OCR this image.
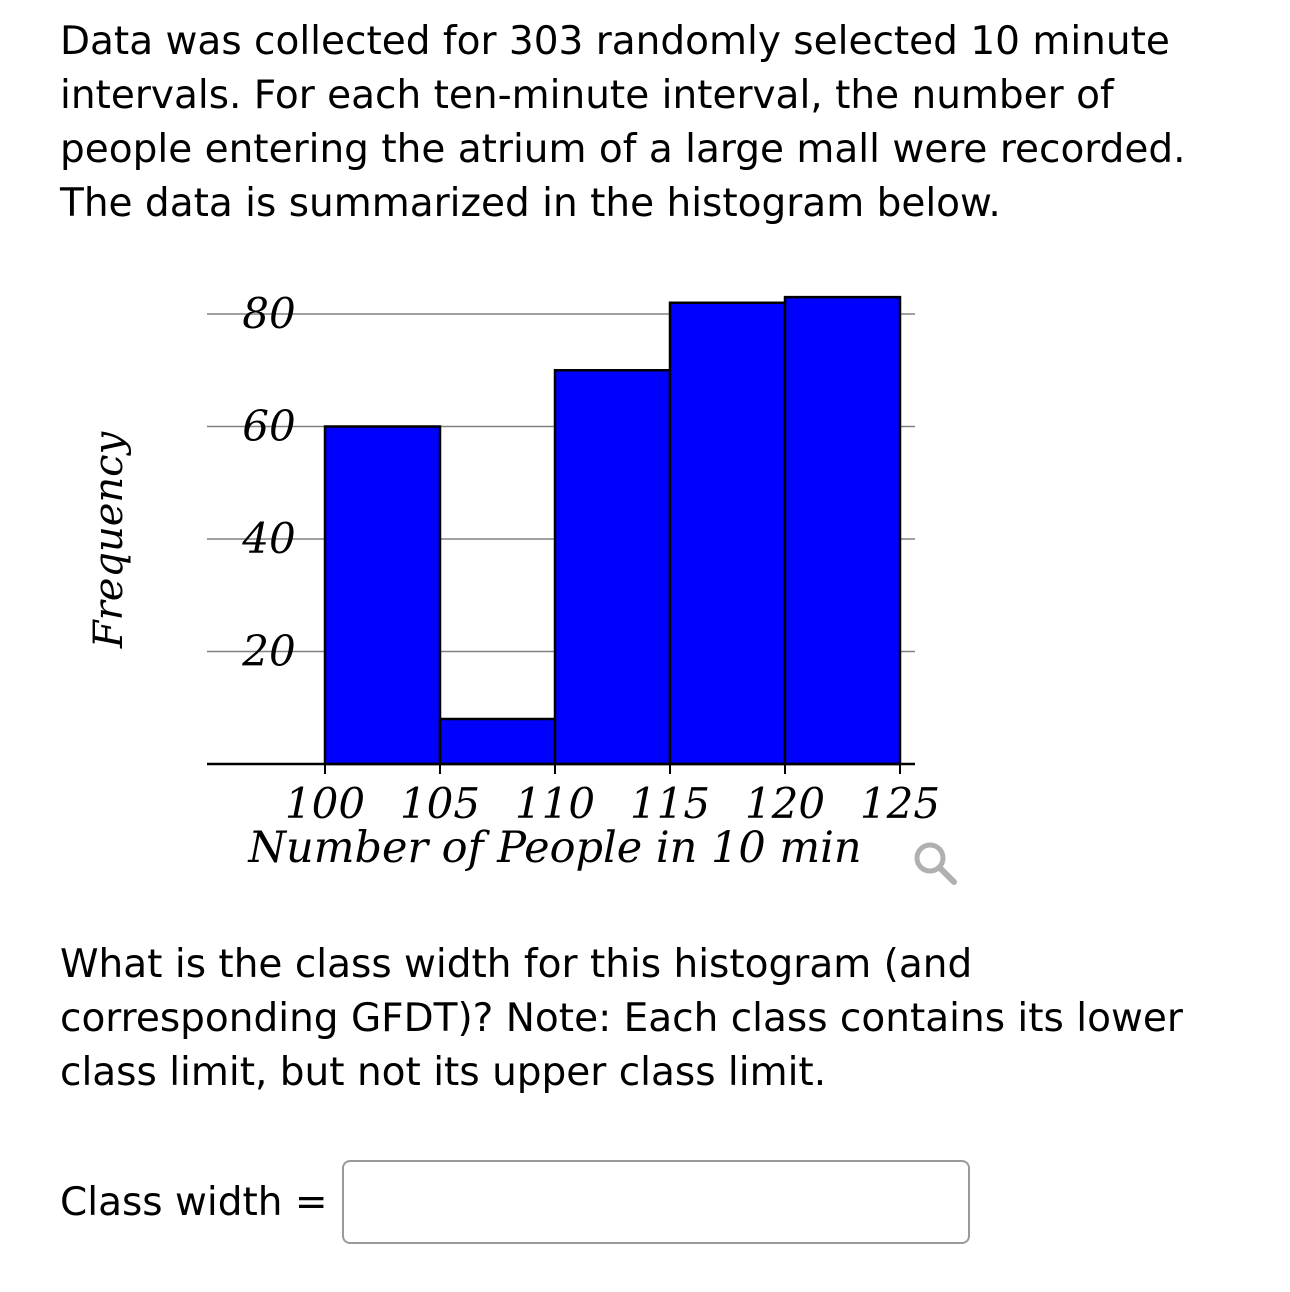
Data was collected for 303 randomly selected 10 minute intervals. For each ten-minute interval, the number of people entering the atrium of a large mall were recorded. The data is summarized in the histogram below.

20
40
60
80
100 105 110 115 120 125
Number of People in 10 min
Frequency

What is the class width for this histogram (and corresponding GFDT)? Note: Each class contains its lower class limit, but not its upper class limit.

Class width =
